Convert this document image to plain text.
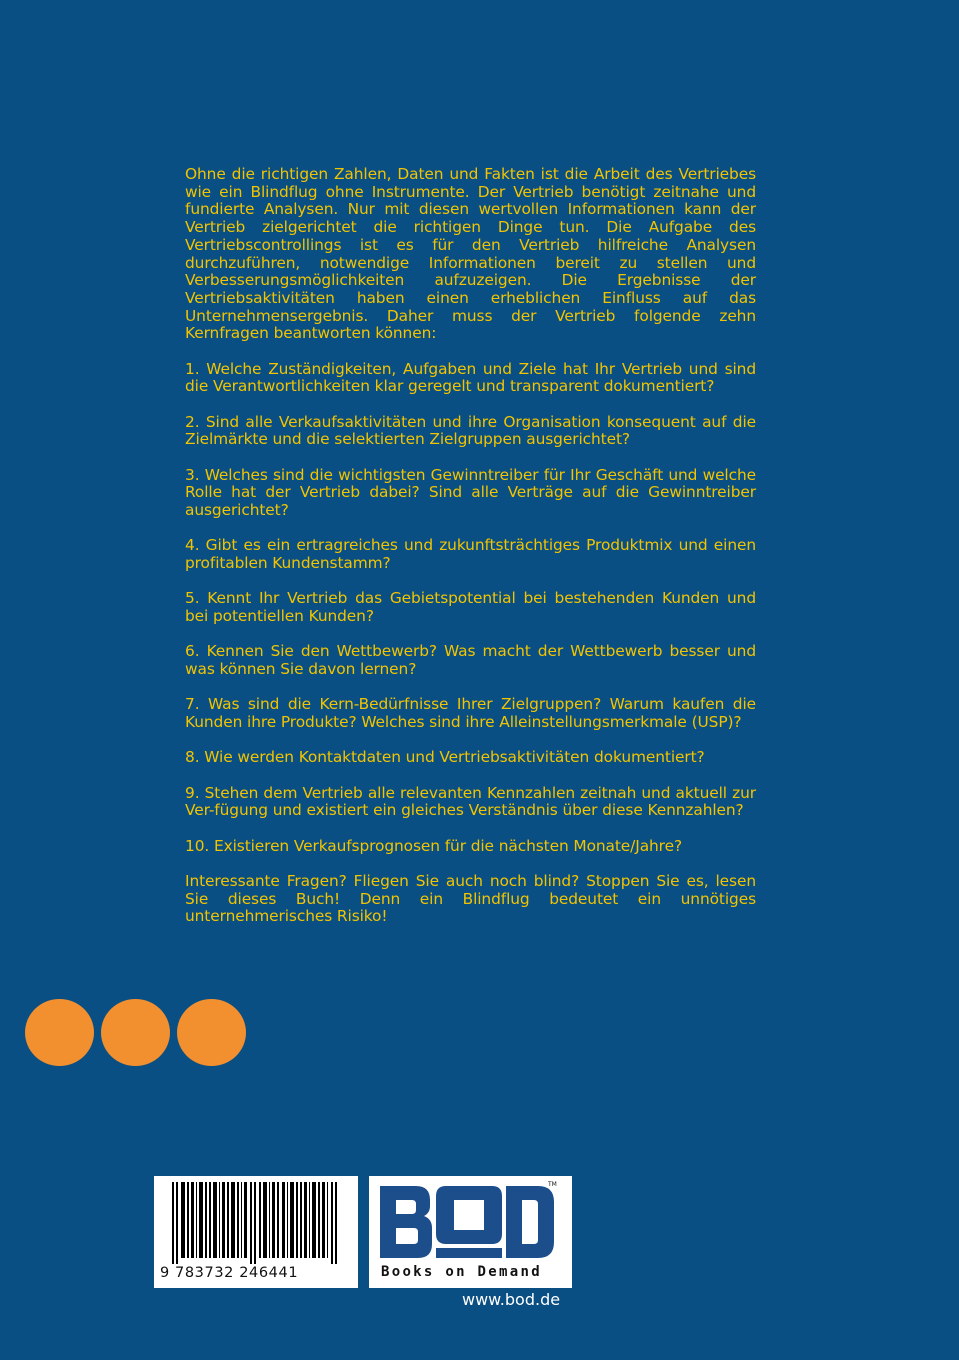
Ohne die richtigen Zahlen, Daten und Fakten ist die Arbeit des Vertriebes wie ein Blindflug ohne Instrumente. Der Vertrieb benötigt zeitnahe und fundierte Analysen. Nur mit diesen wertvollen Informationen kann der Vertrieb zielgerichtet die richtigen Dinge tun. Die Aufgabe des Vertriebscontrollings ist es für den Vertrieb hilfreiche Analysen durchzuführen, notwendige Informationen bereit zu stellen und Verbesserungsmöglichkeiten aufzuzeigen. Die Ergebnisse der Vertriebsaktivitäten haben einen erheblichen Einfluss auf das Unternehmensergebnis. Daher muss der Vertrieb folgende zehn Kernfragen beantworten können:

1. Welche Zuständigkeiten, Aufgaben und Ziele hat Ihr Vertrieb und sind die Verantwortlichkeiten klar geregelt und transparent dokumentiert?

2. Sind alle Verkaufsaktivitäten und ihre Organisation konsequent auf die Zielmärkte und die selektierten Zielgruppen ausgerichtet?

3. Welches sind die wichtigsten Gewinntreiber für Ihr Geschäft und welche Rolle hat der Vertrieb dabei? Sind alle Verträge auf die Gewinntreiber ausgerichtet?

4. Gibt es ein ertragreiches und zukunftsträchtiges Produktmix und einen profitablen Kundenstamm?

5. Kennt Ihr Vertrieb das Gebietspotential bei bestehenden Kunden und bei potentiellen Kunden?

6. Kennen Sie den Wettbewerb? Was macht der Wettbewerb besser und was können Sie davon lernen?

7. Was sind die Kern-Bedürfnisse Ihrer Zielgruppen? Warum kaufen die Kunden ihre Produkte? Welches sind ihre Alleinstellungsmerkmale (USP)?

8. Wie werden Kontaktdaten und Vertriebsaktivitäten dokumentiert?

9. Stehen dem Vertrieb alle relevanten Kennzahlen zeitnah und aktuell zur Ver-fügung und existiert ein gleiches Verständnis über diese Kennzahlen?

10. Existieren Verkaufsprognosen für die nächsten Monate/Jahre?

Interessante Fragen? Fliegen Sie auch noch blind? Stoppen Sie es, lesen Sie dieses Buch! Denn ein Blindflug bedeutet ein unnötiges unternehmerisches Risiko!

9 783732 246441
TM
Books on Demand
www.bod.de
